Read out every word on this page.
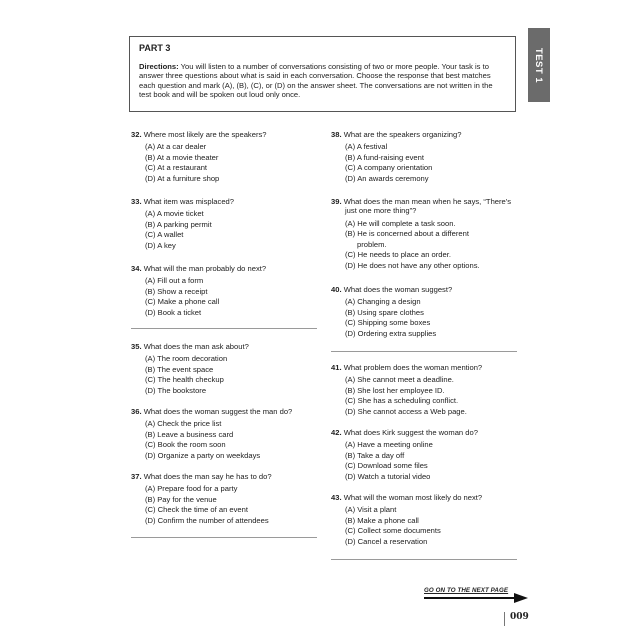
TEST 1

PART 3

Directions: You will listen to a number of conversations consisting of two or more people. Your task is to answer three questions about what is said in each conversation. Choose the response that best matches each question and mark (A), (B), (C), or (D) on the answer sheet. The conversations are not written in the test book and will be spoken out loud only once.

32. Where most likely are the speakers?
(A) At a car dealer
(B) At a movie theater
(C) At a restaurant
(D) At a furniture shop
33. What item was misplaced?
(A) A movie ticket
(B) A parking permit
(C) A wallet
(D) A key
34. What will the man probably do next?
(A) Fill out a form
(B) Show a receipt
(C) Make a phone call
(D) Book a ticket
35. What does the man ask about?
(A) The room decoration
(B) The event space
(C) The health checkup
(D) The bookstore
36. What does the woman suggest the man do?
(A) Check the price list
(B) Leave a business card
(C) Book the room soon
(D) Organize a party on weekdays
37. What does the man say he has to do?
(A) Prepare food for a party
(B) Pay for the venue
(C) Check the time of an event
(D) Confirm the number of attendees
38. What are the speakers organizing?
(A) A festival
(B) A fund-raising event
(C) A company orientation
(D) An awards ceremony
39. What does the man mean when he says, “There's just one more thing”?
(A) He will complete a task soon.
(B) He is concerned about a different problem.
(C) He needs to place an order.
(D) He does not have any other options.
40. What does the woman suggest?
(A) Changing a design
(B) Using spare clothes
(C) Shipping some boxes
(D) Ordering extra supplies
41. What problem does the woman mention?
(A) She cannot meet a deadline.
(B) She lost her employee ID.
(C) She has a scheduling conflict.
(D) She cannot access a Web page.
42. What does Kirk suggest the woman do?
(A) Have a meeting online
(B) Take a day off
(C) Download some files
(D) Watch a tutorial video
43. What will the woman most likely do next?
(A) Visit a plant
(B) Make a phone call
(C) Collect some documents
(D) Cancel a reservation
GO ON TO THE NEXT PAGE
009
